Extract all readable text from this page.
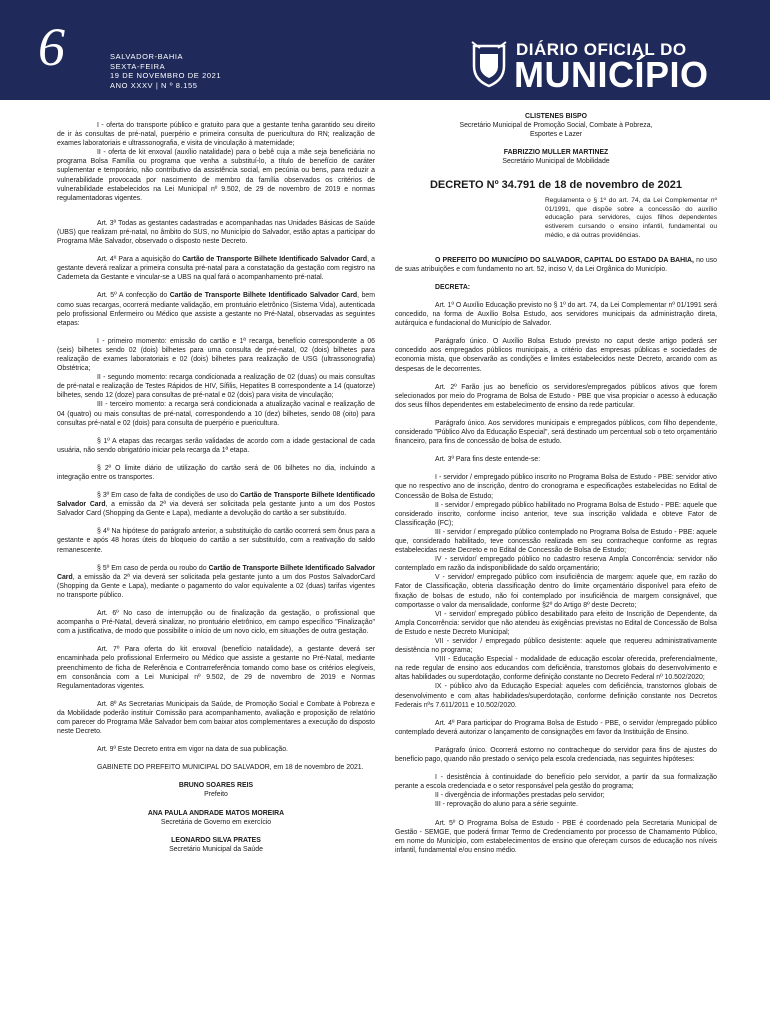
6	SALVADOR-BAHIA
SEXTA-FEIRA
19 DE NOVEMBRO DE 2021
ANO XXXV | N º 8.155
DIÁRIO OFICIAL DO
MUNICÍPIO

I - oferta do transporte público e gratuito para que a gestante tenha garantido seu direito de ir às consultas de pré-natal, puerpério e primeira consulta de puericultura do RN; realização de exames laboratoriais e ultrassonografia, e visita de vinculação à maternidade;

II - oferta de kit enxoval (auxílio natalidade) para o bebê cuja a mãe seja beneficiária no programa Bolsa Família ou programa que venha a substituí-lo, a título de benefício de caráter suplementar e temporário, não contributivo da assistência social, em pecúnia ou bens, para reduzir a vulnerabilidade provocada por nascimento de membro da família observados os critérios de vulnerabilidade estabelecidos na Lei Municipal nº 9.502, de 29 de novembro de 2019 e normas regulamentadoras vigentes.

Art. 3º Todas as gestantes cadastradas e acompanhadas nas Unidades Básicas de Saúde (UBS) que realizam pré-natal, no âmbito do SUS, no Município do Salvador, estão aptas a participar do Programa Mãe Salvador, observado o disposto neste Decreto.

Art. 4º Para a aquisição do Cartão de Transporte Bilhete Identificado Salvador Card, a gestante deverá realizar a primeira consulta pré-natal para a constatação da gestação com registro na Caderneta da Gestante e vincular-se a UBS na qual fará o acompanhamento pré-natal.

Art. 5º A confecção do Cartão de Transporte Bilhete Identificado Salvador Card, bem como suas recargas, ocorrerá mediante validação, em prontuário eletrônico (Sistema Vida), autenticada pelo profissional Enfermeiro ou Médico que assiste a gestante no Pré-Natal, observadas as seguintes etapas:

I - primeiro momento: emissão do cartão e 1ª recarga, benefício correspondente a 06 (seis) bilhetes sendo 02 (dois) bilhetes para uma consulta de pré-natal, 02 (dois) bilhetes para realização de exames laboratoriais e 02 (dois) bilhetes para realização de USG (ultrassonografia) Obstétrica;

II - segundo momento: recarga condicionada a realização de 02 (duas) ou mais consultas de pré-natal e realização de Testes Rápidos de HIV, Sífilis, Hepatites B correspondente a 14 (quatorze) bilhetes, sendo 12 (doze) para consultas de pré-natal e 02 (dois) para visita de vinculação;

III - terceiro momento: a recarga será condicionada a atualização vacinal e realização de 04 (quatro) ou mais consultas de pré-natal, correspondendo a 10 (dez) bilhetes, sendo 08 (oito) para consultas pré-natal e 02 (dois) para consulta de puerpério e puericultura.

§ 1º A etapas das recargas serão validadas de acordo com a idade gestacional de cada usuária, não sendo obrigatório iniciar pela recarga da 1ª etapa.

§ 2º O limite diário de utilização do cartão será de 06 bilhetes no dia, incluindo a integração entre os transportes.

§ 3º Em caso de falta de condições de uso do Cartão de Transporte Bilhete Identificado Salvador Card, a emissão da 2ª via deverá ser solicitada pela gestante junto a um dos Postos Salvador Card (Shopping da Gente e Lapa), mediante a devolução do cartão a ser substituído.

§ 4º Na hipótese do parágrafo anterior, a substituição do cartão ocorrerá sem ônus para a gestante e após 48 horas úteis do bloqueio do cartão a ser substituído, com a reativação do saldo remanescente.

§ 5º Em caso de perda ou roubo do Cartão de Transporte Bilhete Identificado Salvador Card, a emissão da 2ª via deverá ser solicitada pela gestante junto a um dos Postos SalvadorCard (Shopping da Gente e Lapa), mediante o pagamento do valor equivalente a 02 (duas) tarifas vigentes no transporte público.

Art. 6º No caso de interrupção ou de finalização da gestação, o profissional que acompanha o Pré-Natal, deverá sinalizar, no prontuário eletrônico, em campo específico "Finalização" com a justificativa, de modo que possibilite o início de um novo ciclo, em situações de outra gestação.

Art. 7º Para oferta do kit enxoval (benefício natalidade), a gestante deverá ser encaminhada pelo profissional Enfermeiro ou Médico que assiste a gestante no Pré-Natal, mediante preenchimento de ficha de Referência e Contrarreferência tomando como base os critérios elegíveis, em consonância com a Lei Municipal nº 9.502, de 29 de novembro de 2019 e Normas Regulamentadoras vigentes.

Art. 8º As Secretarias Municipais da Saúde, de Promoção Social e Combate à Pobreza e da Mobilidade poderão instituir Comissão para acompanhamento, avaliação e proposição de relatório com parecer do Programa Mãe Salvador bem com baixar atos complementares a execução do disposto neste Decreto.

Art. 9º Este Decreto entra em vigor na data de sua publicação.

GABINETE DO PREFEITO MUNICIPAL DO SALVADOR, em 18 de novembro de 2021.

BRUNO SOARES REIS

Prefeito

ANA PAULA ANDRADE MATOS MOREIRA

Secretária de Governo em exercício

LEONARDO SILVA PRATES

Secretário Municipal da Saúde

CLISTENES BISPO

Secretário Municipal de Promoção Social, Combate à Pobreza,

Esportes e Lazer

FABRIZZIO MULLER MARTINEZ

Secretário Municipal de Mobilidade

DECRETO Nº 34.791 de 18 de novembro de 2021

Regulamenta o § 1º do art. 74, da Lei Complementar nº 01/1991, que dispõe sobre a concessão do auxílio educação para servidores, cujos filhos dependentes estiverem cursando o ensino infantil, fundamental ou médio, e dá outras providências.

O PREFEITO DO MUNICÍPIO DO SALVADOR, CAPITAL DO ESTADO DA BAHIA, no uso de suas atribuições e com fundamento no art. 52, inciso V, da Lei Orgânica do Município.

DECRETA:

Art. 1º O Auxílio Educação previsto no § 1º do art. 74, da Lei Complementar nº 01/1991 será concedido, na forma de Auxílio Bolsa Estudo, aos servidores municipais da administração direta, autárquica e fundacional do Município de Salvador.

Parágrafo único. O Auxílio Bolsa Estudo previsto no caput deste artigo poderá ser concedido aos empregados públicos municipais, a critério das empresas públicas e sociedades de economia mista, que observarão as condições e limites estabelecidos neste Decreto, arcando com as despesas de le decorrentes.

Art. 2º Farão jus ao benefício os servidores/empregados públicos ativos que forem selecionados por meio do Programa de Bolsa de Estudo - PBE que visa propiciar o acesso à educação dos seus filhos dependentes em estabelecimento de ensino da rede particular.

Parágrafo único. Aos servidores municipais e empregados públicos, com filho dependente, considerado "Público Alvo da Educação Especial", será destinado um percentual sob o teto orçamentário financeiro, para fins de concessão de bolsa de estudo.

Art. 3º Para fins deste entende-se:

I - servidor / empregado público inscrito no Programa Bolsa de Estudo - PBE: servidor ativo que no respectivo ano de inscrição, dentro do cronograma e especificações estabelecidas no Edital de Concessão de Bolsa de Estudo;

II - servidor / empregado público habilitado no Programa Bolsa de Estudo - PBE: aquele que considerado inscrito, conforme inciso anterior, teve sua inscrição validada e obteve Fator de Classificação (FC);

III - servidor / empregado público contemplado no Programa Bolsa de Estudo - PBE: aquele que, considerado habilitado, teve concessão realizada em seu contracheque conforme as regras estabelecidas neste Decreto e no Edital de Concessão de Bolsa de Estudo;

IV - servidor/ empregado público no cadastro reserva Ampla Concorrência: servidor não contemplado em razão da indisponibilidade do saldo orçamentário;

V - servidor/ empregado público com insuficiência de margem: aquele que, em razão do Fator de Classificação, obteria classificação dentro do limite orçamentário disponível para efeito de fixação de bolsas de estudo, não foi contemplado por insuficiência de margem consignável, que comportasse o valor da mensalidade, conforme §2º do Artigo 8º deste Decreto;

VI - servidor/ empregado público desabilitado para efeito de Inscrição de Dependente, da Ampla Concorrência: servidor que não atendeu às exigências previstas no Edital de Concessão de Bolsa de Estudo e neste Decreto Municipal;

VII - servidor / empregado público desistente: aquele que requereu administrativamente desistência no programa;

VIII - Educação Especial - modalidade de educação escolar oferecida, preferencialmente, na rede regular de ensino aos educandos com deficiência, transtornos globais do desenvolvimento e altas habilidades ou superdotação, conforme definição constante no Decreto Federal nº 10.502/2020;

IX - público alvo da Educação Especial: aqueles com deficiência, transtornos globais de desenvolvimento e com altas habilidades/superdotação, conforme definição constante nos Decretos Federais nºs 7.611/2011 e 10.502/2020.

Art. 4º Para participar do Programa Bolsa de Estudo - PBE, o servidor /empregado público contemplado deverá autorizar o lançamento de consignações em favor da Instituição de Ensino.

Parágrafo único. Ocorrerá estorno no contracheque do servidor para fins de ajustes do benefício pago, quando não prestado o serviço pela escola credenciada, nas seguintes hipóteses:

I - desistência à continuidade do benefício pelo servidor, a partir da sua formalização perante a escola credenciada e o setor responsável pela gestão do programa;

II - divergência de informações prestadas pelo servidor;

III - reprovação do aluno para a série seguinte.

Art. 5º O Programa Bolsa de Estudo - PBE é coordenado pela Secretaria Municipal de Gestão - SEMGE, que poderá firmar Termo de Credenciamento por processo de Chamamento Público, em nome do Município, com estabelecimentos de ensino que ofereçam cursos de educação nos níveis infantil, fundamental e/ou ensino médio.
